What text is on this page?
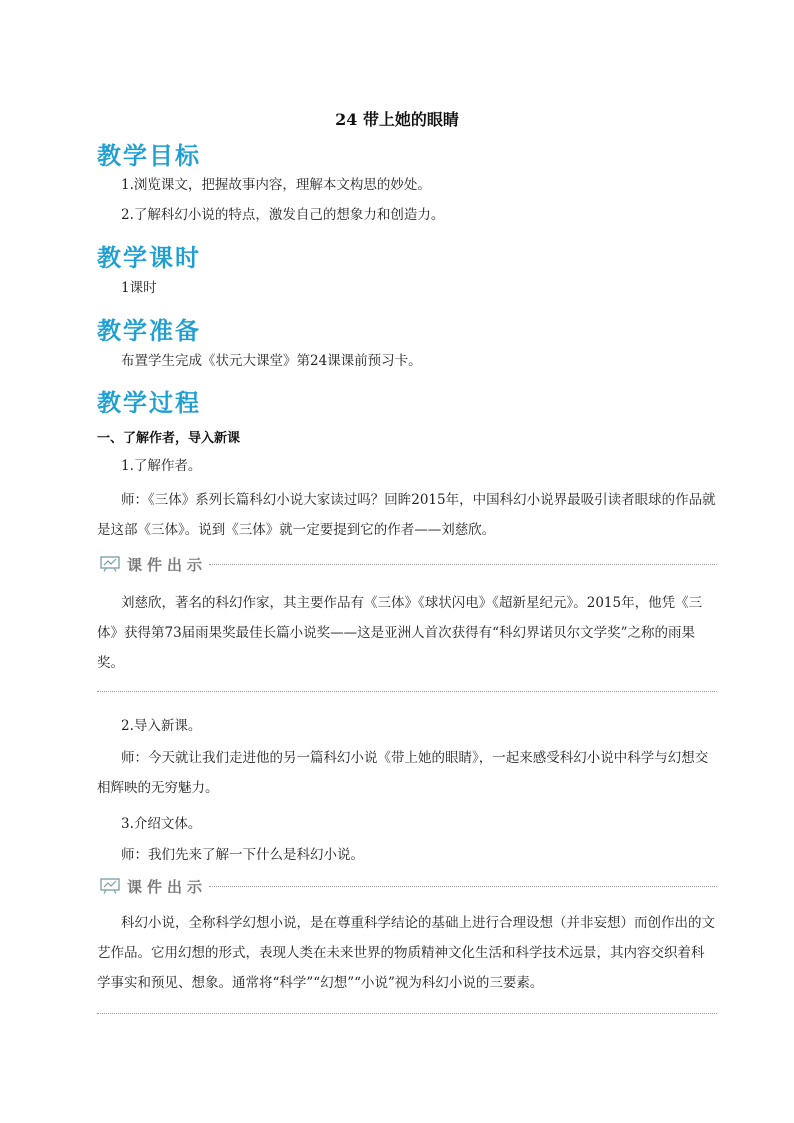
24 带上她的眼睛
教学目标
1.浏览课文，把握故事内容，理解本文构思的妙处。
2.了解科幻小说的特点，激发自己的想象力和创造力。
教学课时
1课时
教学准备
布置学生完成《状元大课堂》第24课课前预习卡。
教学过程
一、了解作者，导入新课
1.了解作者。
师：《三体》系列长篇科幻小说大家读过吗？回眸2015年，中国科幻小说界最吸引读者眼球的作品就是这部《三体》。说到《三体》就一定要提到它的作者——刘慈欣。
课件出示
刘慈欣，著名的科幻作家，其主要作品有《三体》《球状闪电》《超新星纪元》。2015年，他凭《三体》获得第73届雨果奖最佳长篇小说奖——这是亚洲人首次获得有“科幻界诺贝尔文学奖”之称的雨果奖。
2.导入新课。
师：今天就让我们走进他的另一篇科幻小说《带上她的眼睛》，一起来感受科幻小说中科学与幻想交相辉映的无穷魅力。
3.介绍文体。
师：我们先来了解一下什么是科幻小说。
课件出示
科幻小说，全称科学幻想小说，是在尊重科学结论的基础上进行合理设想（并非妄想）而创作出的文艺作品。它用幻想的形式，表现人类在未来世界的物质精神文化生活和科学技术远景，其内容交织着科学事实和预见、想象。通常将“科学”“幻想”“小说”视为科幻小说的三要素。
